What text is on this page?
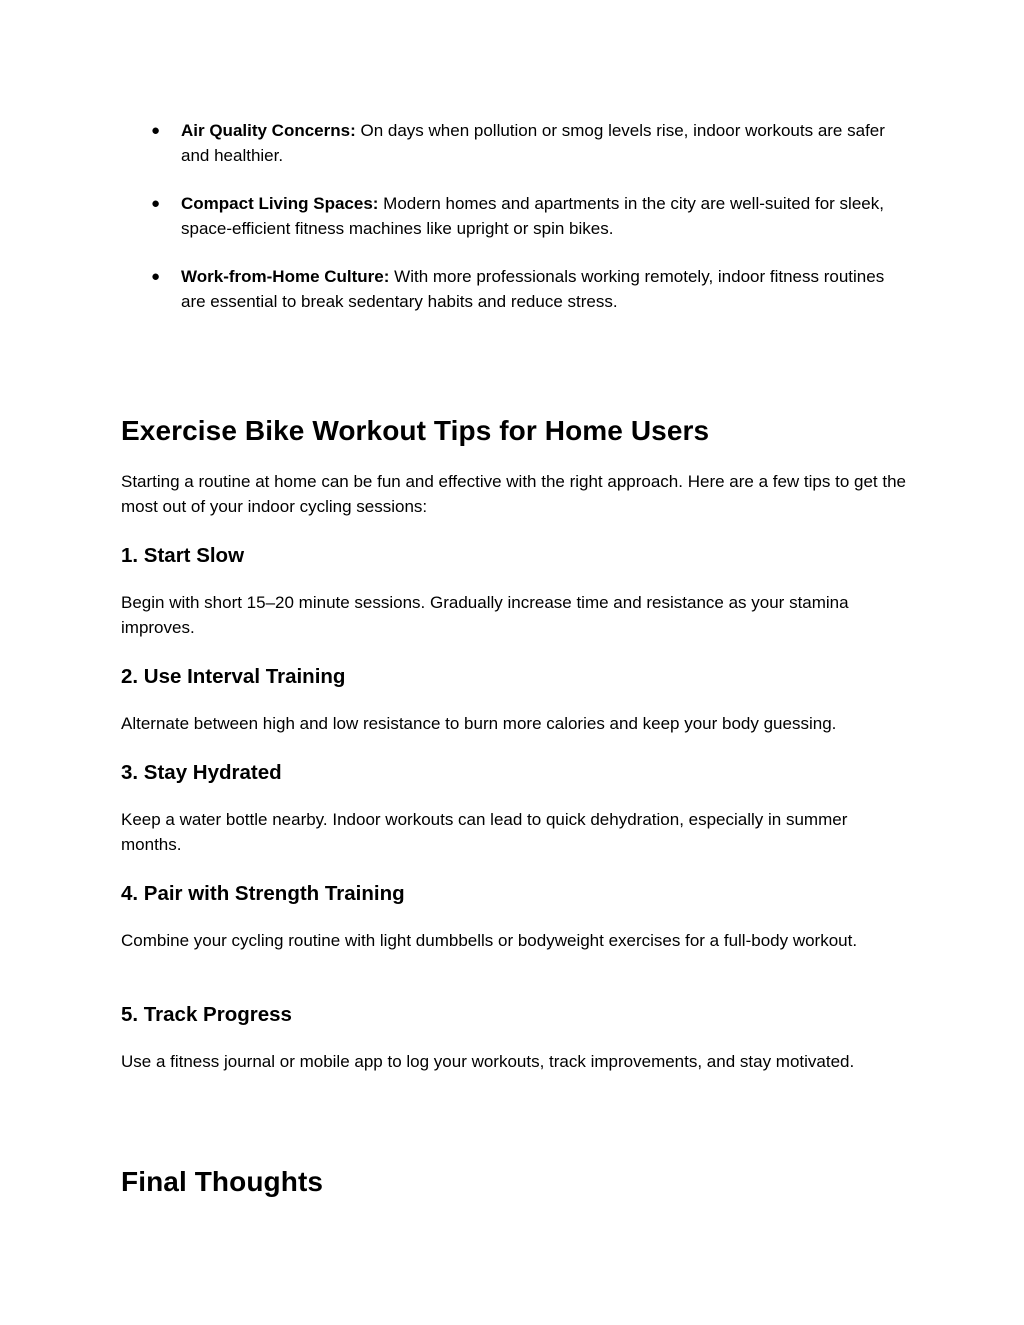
● Air Quality Concerns: On days when pollution or smog levels rise, indoor workouts are safer and healthier.
● Compact Living Spaces: Modern homes and apartments in the city are well-suited for sleek, space-efficient fitness machines like upright or spin bikes.
● Work-from-Home Culture: With more professionals working remotely, indoor fitness routines are essential to break sedentary habits and reduce stress.
Exercise Bike Workout Tips for Home Users

Starting a routine at home can be fun and effective with the right approach. Here are a few tips to get the most out of your indoor cycling sessions:

1. Start Slow

Begin with short 15–20 minute sessions. Gradually increase time and resistance as your stamina improves.

2. Use Interval Training

Alternate between high and low resistance to burn more calories and keep your body guessing.

3. Stay Hydrated

Keep a water bottle nearby. Indoor workouts can lead to quick dehydration, especially in summer months.

4. Pair with Strength Training

Combine your cycling routine with light dumbbells or bodyweight exercises for a full-body workout.

5. Track Progress

Use a fitness journal or mobile app to log your workouts, track improvements, and stay motivated.

Final Thoughts
